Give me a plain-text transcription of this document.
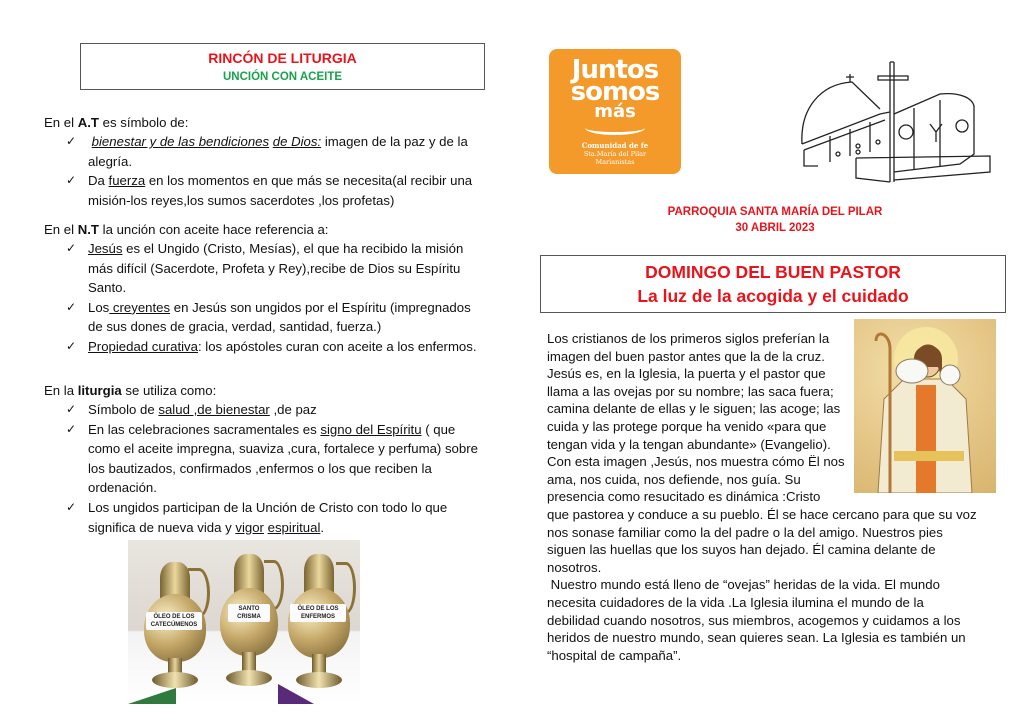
RINCÓN DE LITURGIA
UNCIÓN CON ACEITE
En el A.T es símbolo de:
✓ bienestar y de las bendiciones de Dios: imagen de la paz y de la alegría.
✓ Da fuerza en los momentos en que más se necesita(al recibir una misión-los reyes,los sumos sacerdotes ,los profetas)
En el N.T la unción con aceite hace referencia a:
✓ Jesús es el Ungido (Cristo, Mesías), el que ha recibido la misión más difícil (Sacerdote, Profeta y Rey),recibe de Dios su Espíritu Santo.
✓ Los creyentes en Jesús son ungidos por el Espíritu (impregnados de sus dones de gracia, verdad, santidad, fuerza.)
✓ Propiedad curativa: los apóstoles curan con aceite a los enfermos.
En la liturgia se utiliza como:
✓ Símbolo de salud ,de bienestar ,de paz
✓ En las celebraciones sacramentales es signo del Espíritu ( que como el aceite impregna, suaviza ,cura, fortalece y perfuma) sobre los bautizados, confirmados ,enfermos o los que reciben la ordenación.
✓ Los ungidos participan de la Unción de Cristo con todo lo que significa de nueva vida y vigor espiritual.
ÓLEO DE LOS CATECÚMENOS
SANTO CRISMA
ÓLEO DE LOS ENFERMOS
Juntos
somos
más
Comunidad de fe
Sta.María del Pilar
Marianistas
PARROQUIA SANTA MARÍA DEL PILAR
30 ABRIL 2023
DOMINGO DEL BUEN PASTOR
La luz de la acogida y el cuidado
Los cristianos de los primeros siglos preferían la
imagen del buen pastor antes que la de la cruz.
Jesús es, en la Iglesia, la puerta y el pastor que
llama a las ovejas por su nombre; las saca fuera;
camina delante de ellas y le siguen; las acoge; las
cuida y las protege porque ha venido «para que
tengan vida y la tengan abundante» (Evangelio).
Con esta imagen ,Jesús, nos muestra cómo Ël nos
ama, nos cuida, nos defiende, nos guía. Su
presencia como resucitado es dinámica :Cristo
que pastorea y conduce a su pueblo. Él se hace cercano para que su voz
nos sonase familiar como la del padre o la del amigo. Nuestros pies
siguen las huellas que los suyos han dejado. Él camina delante de
nosotros.
Nuestro mundo está lleno de “ovejas” heridas de la vida. El mundo
necesita cuidadores de la vida .La Iglesia ilumina el mundo de la
debilidad cuando nosotros, sus miembros, acogemos y cuidamos a los
heridos de nuestro mundo, sean quieres sean. La Iglesia es también un
“hospital de campaña”.
